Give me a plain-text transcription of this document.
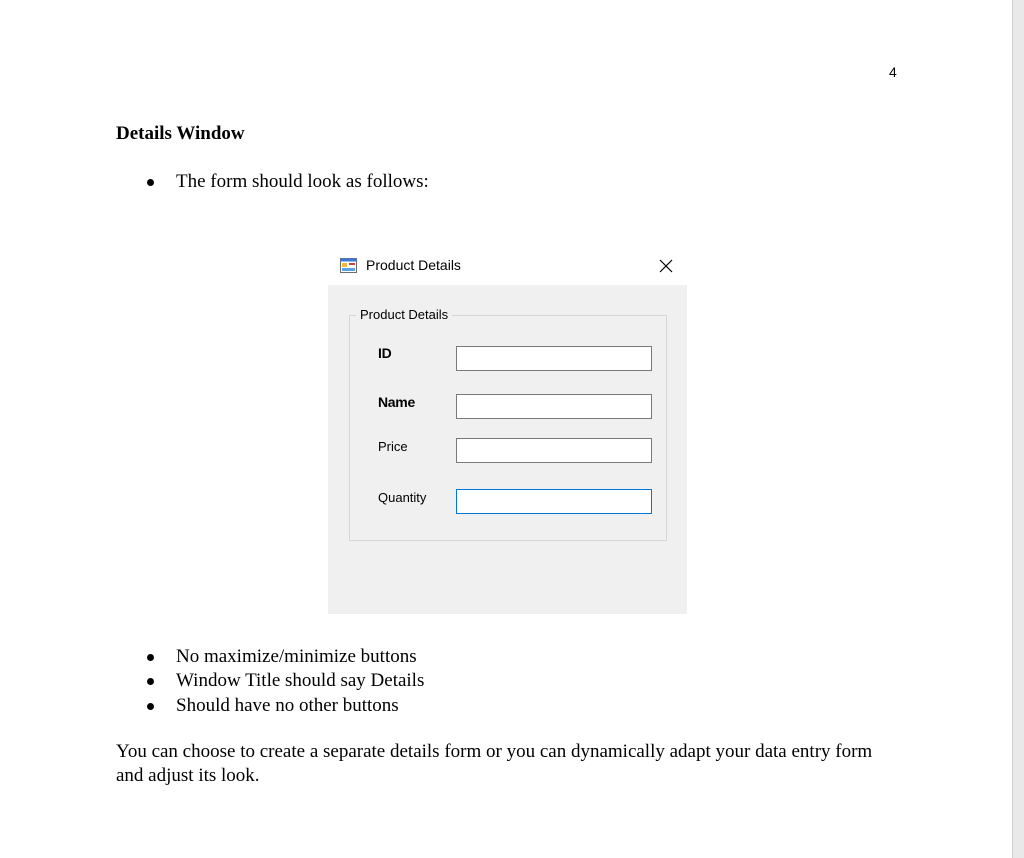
4
Details Window
The form should look as follows:
Product Details
Product Details
ID
Name
Price
Quantity
No maximize/minimize buttons
Window Title should say Details
Should have no other buttons
You can choose to create a separate details form or you can dynamically adapt your data entry form and adjust its look.
